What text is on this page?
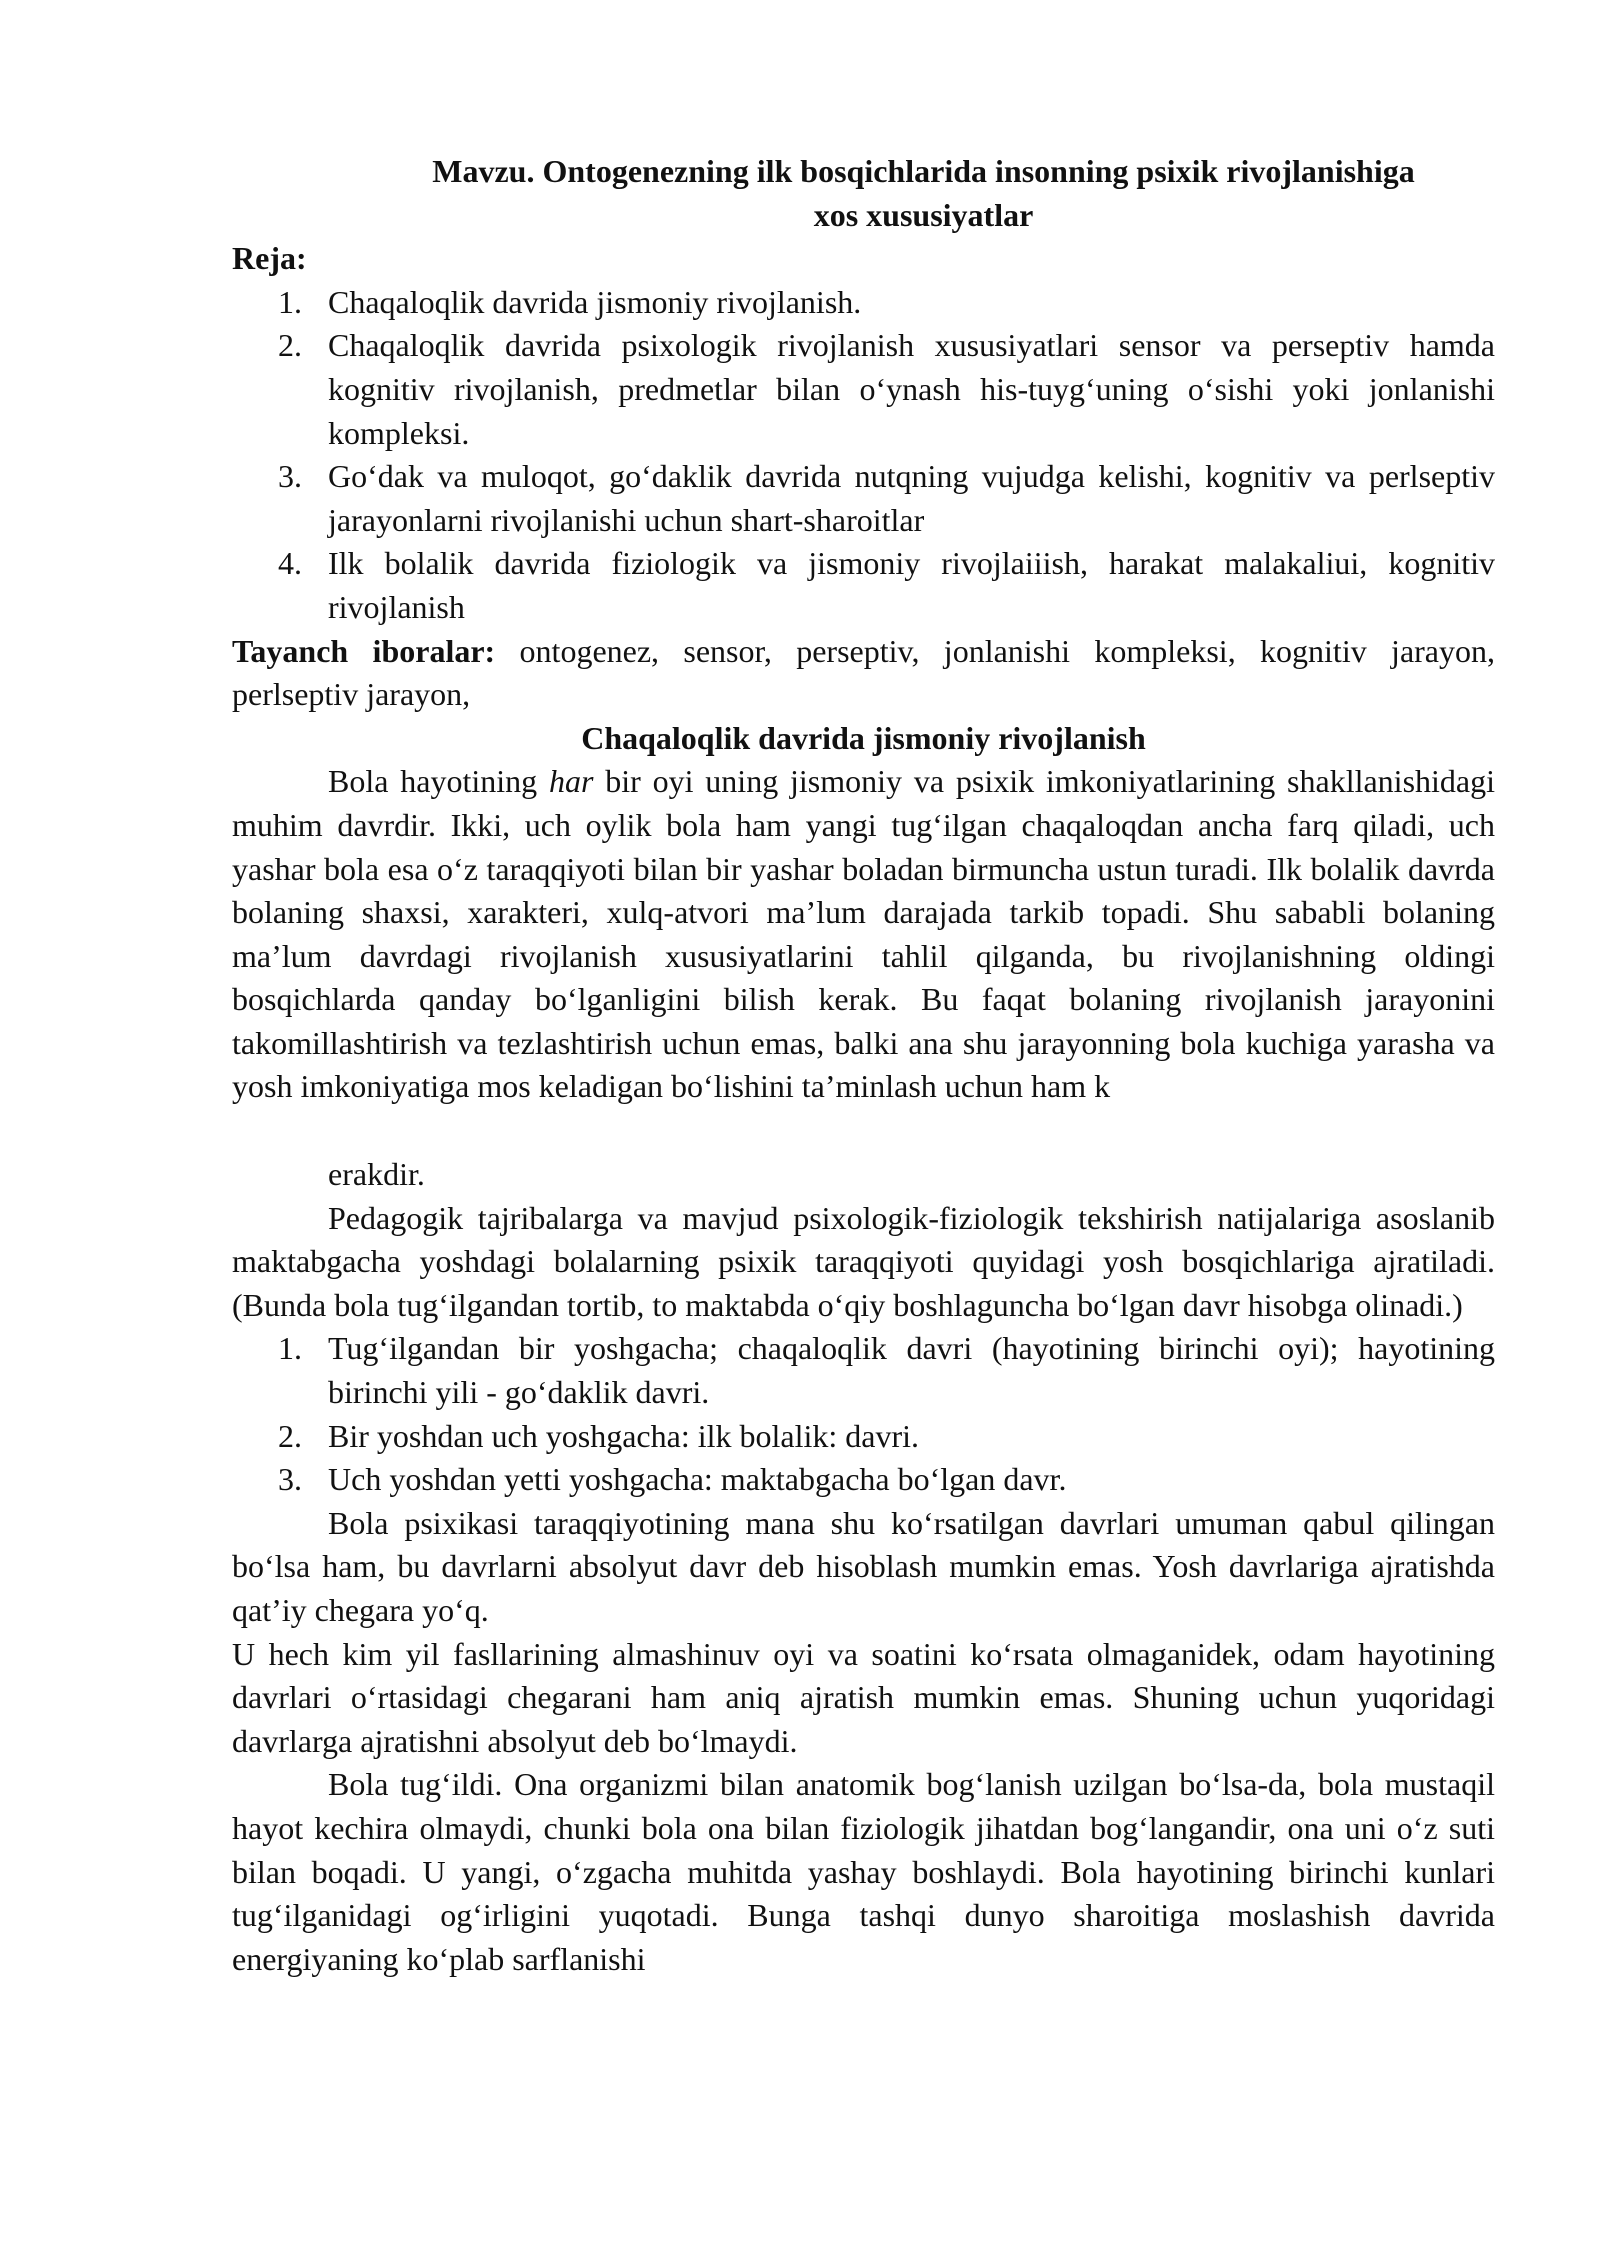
Mavzu. Ontogenezning ilk bosqichlarida insonning psixik rivojlanishiga
xos xususiyatlar
Reja:
1. Chaqaloqlik davrida jismoniy rivojlanish.
2. Chaqaloqlik davrida psixologik rivojlanish xususiyatlari sensor va perseptiv hamda kognitiv rivojlanish, predmetlar bilan o‘ynash his-tuyg‘uning o‘sishi yoki jonlanishi kompleksi.
3. Go‘dak va muloqot, go‘daklik davrida nutqning vujudga kelishi, kognitiv va perlseptiv jarayonlarni rivojlanishi uchun shart-sharoitlar
4. Ilk bolalik davrida fiziologik va jismoniy rivojlaiiish, harakat malakaliui, kognitiv rivojlanish

Tayanch iboralar: ontogenez, sensor, perseptiv, jonlanishi kompleksi, kognitiv jarayon, perlseptiv jarayon,

Chaqaloqlik davrida jismoniy rivojlanish

Bola hayotining har bir oyi uning jismoniy va psixik imkoniyatlarining shakllanishidagi muhim davrdir. Ikki, uch oylik bola ham yangi tug‘ilgan chaqaloqdan ancha farq qiladi, uch yashar bola esa o‘z taraqqiyoti bilan bir yashar boladan birmuncha ustun turadi. Ilk bolalik davrda bolaning shaxsi, xarakteri, xulq-atvori ma’lum darajada tarkib topadi. Shu sababli bolaning ma’lum davrdagi rivojlanish xususiyatlarini tahlil qilganda, bu rivojlanishning oldingi bosqichlarda qanday bo‘lganligini bilish kerak. Bu faqat bolaning rivojlanish jarayonini takomillashtirish va tezlashtirish uchun emas, balki ana shu jarayonning bola kuchiga yarasha va yosh imkoniyatiga mos keladigan bo‘lishini ta’minlash uchun ham k

erakdir.

Pedagogik tajribalarga va mavjud psixologik-fiziologik tekshirish natijalariga asoslanib maktabgacha yoshdagi bolalarning psixik taraqqiyoti quyidagi yosh bosqichlariga ajratiladi.(Bunda bola tug‘ilgandan tortib, to maktabda o‘qiy boshlaguncha bo‘lgan davr hisobga olinadi.)

1. Tug‘ilgandan bir yoshgacha; chaqaloqlik davri (hayotining birinchi oyi); hayotining birinchi yili - go‘daklik davri.
2. Bir yoshdan uch yoshgacha: ilk bolalik: davri.
3. Uch yoshdan yetti yoshgacha: maktabgacha bo‘lgan davr.

Bola psixikasi taraqqiyotining mana shu ko‘rsatilgan davrlari umuman qabul qilingan bo‘lsa ham, bu davrlarni absolyut davr deb hisoblash mumkin emas. Yosh davrlariga ajratishda qat’iy chegara yo‘q.

U hech kim yil fasllarining almashinuv oyi va soatini ko‘rsata olmaganidek, odam hayotining davrlari o‘rtasidagi chegarani ham aniq ajratish mumkin emas. Shuning uchun yuqoridagi davrlarga ajratishni absolyut deb bo‘lmaydi.

Bola tug‘ildi. Ona organizmi bilan anatomik bog‘lanish uzilgan bo‘lsa-da, bola mustaqil hayot kechira olmaydi, chunki bola ona bilan fiziologik jihatdan bog‘langandir, ona uni o‘z suti bilan boqadi. U yangi, o‘zgacha muhitda yashay boshlaydi. Bola hayotining birinchi kunlari tug‘ilganidagi og‘irligini yuqotadi. Bunga tashqi dunyo sharoitiga moslashish davrida energiyaning ko‘plab sarflanishi
